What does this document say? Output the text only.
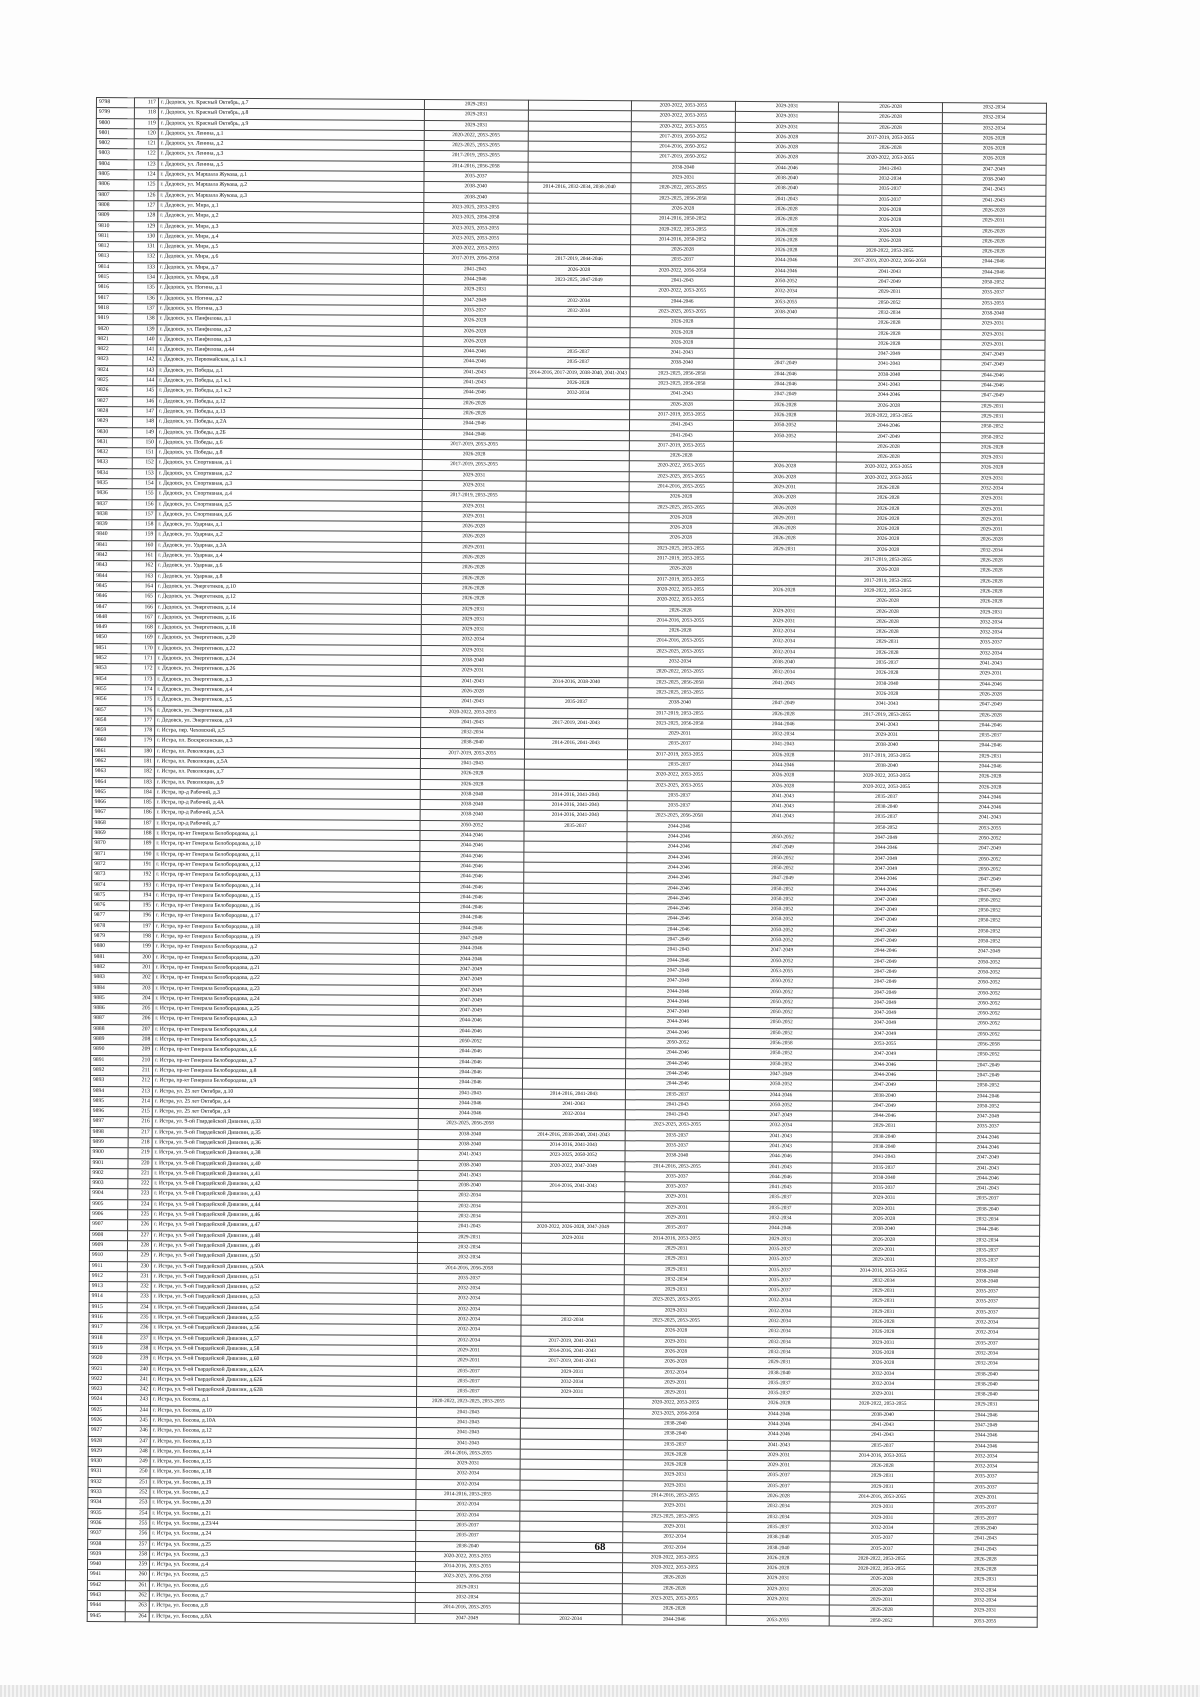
9798	117	г. Дедовск, ул. Красный Октябрь, д.7	2029-2031		2020-2022, 2053-2055	2029-2031	2026-2028	2032-2034
9799	118	г. Дедовск, ул. Красный Октябрь, д.8	2029-2031		2020-2022, 2053-2055	2029-2031	2026-2028	2032-2034
9800	119	г. Дедовск, ул. Красный Октябрь, д.9	2029-2031		2020-2022, 2053-2055	2029-2031	2026-2028	2032-2034
9801	120	г. Дедовск, ул. Ленина, д.1	2020-2022, 2053-2055		2017-2019, 2050-2052	2026-2028	2017-2019, 2053-2055	2026-2028
9802	121	г. Дедовск, ул. Ленина, д.2	2023-2025, 2053-2055		2014-2016, 2050-2052	2026-2028	2026-2028	2026-2028
9803	122	г. Дедовск, ул. Ленина, д.3	2017-2019, 2053-2055		2017-2019, 2050-2052	2026-2028	2020-2022, 2053-2055	2026-2028
9804	123	г. Дедовск, ул. Ленина, д.5	2014-2016, 2056-2058		2038-2040	2044-2046	2041-2043	2047-2049
9805	124	г. Дедовск, ул. Маршала Жукова, д.1	2035-2037		2029-2031	2038-2040	2032-2034	2038-2040
9806	125	г. Дедовск, ул. Маршала Жукова, д.2	2038-2040	2014-2016, 2032-2034, 2038-2040	2020-2022, 2053-2055	2038-2040	2035-2037	2041-2043
9807	126	г. Дедовск, ул. Маршала Жукова, д.3	2038-2040		2023-2025, 2056-2058	2041-2043	2035-2037	2041-2043
9808	127	г. Дедовск, ул. Мира, д.1	2023-2025, 2053-2055		2026-2028	2026-2028	2026-2028	2026-2028
9809	128	г. Дедовск, ул. Мира, д.2	2023-2025, 2056-2058		2014-2016, 2050-2052	2026-2028	2026-2028	2029-2031
9810	129	г. Дедовск, ул. Мира, д.3	2023-2025, 2053-2055		2020-2022, 2053-2055	2026-2028	2026-2028	2026-2028
9811	130	г. Дедовск, ул. Мира, д.4	2023-2025, 2053-2055		2014-2016, 2050-2052	2026-2028	2026-2028	2026-2028
9812	131	г. Дедовск, ул. Мира, д.5	2020-2022, 2053-2055		2026-2028	2026-2028	2020-2022, 2053-2055	2026-2028
9813	132	г. Дедовск, ул. Мира, д.6	2017-2019, 2056-2058	2017-2019, 2044-2046	2035-2037	2044-2046	2017-2019, 2020-2022, 2056-2058	2044-2046
9814	133	г. Дедовск, ул. Мира, д.7	2041-2043	2026-2028	2020-2022, 2056-2058	2044-2046	2041-2043	2044-2046
9815	134	г. Дедовск, ул. Мира, д.8	2044-2046	2023-2025, 2047-2049	2041-2043	2050-2052	2047-2049	2050-2052
9816	135	г. Дедовск, ул. Ногина, д.1	2029-2031		2020-2022, 2053-2055	2032-2034	2029-2031	2035-2037
9817	136	г. Дедовск, ул. Ногина, д.2	2047-2049	2032-2034	2044-2046	2053-2055	2050-2052	2053-2055
9818	137	г. Дедовск, ул. Ногина, д.3	2035-2037	2032-2034	2023-2025, 2053-2055	2038-2040	2032-2034	2038-2040
9819	138	г. Дедовск, ул. Панфилова, д.1	2026-2028		2026-2028		2026-2028	2029-2031
9820	139	г. Дедовск, ул. Панфилова, д.2	2026-2028		2026-2028		2026-2028	2029-2031
9821	140	г. Дедовск, ул. Панфилова, д.3	2026-2028		2026-2028		2026-2028	2029-2031
9822	141	г. Дедовск, ул. Панфилова, д.44	2044-2046	2035-2037	2041-2043		2047-2049	2047-2049
9823	142	г. Дедовск, ул. Первомайская, д.1 к.1	2044-2046	2035-2037	2038-2040	2047-2049	2041-2043	2047-2049
9824	143	г. Дедовск, ул. Победы, д.1	2041-2043	2014-2016, 2017-2019, 2038-2040, 2041-2043	2023-2025, 2056-2058	2044-2046	2038-2040	2044-2046
9825	144	г. Дедовск, ул. Победы, д.1 к.1	2041-2043	2026-2028	2023-2025, 2056-2058	2044-2046	2041-2043	2044-2046
9826	145	г. Дедовск, ул. Победы, д.1 к.2	2044-2046	2032-2034	2041-2043	2047-2049	2044-2046	2047-2049
9827	146	г. Дедовск, ул. Победы, д.12	2026-2028		2026-2028	2026-2028	2026-2028	2029-2031
9828	147	г. Дедовск, ул. Победы, д.13	2026-2028		2017-2019, 2053-2055	2026-2028	2020-2022, 2053-2055	2029-2031
9829	148	г. Дедовск, ул. Победы, д.2А	2044-2046		2041-2043	2050-2052	2044-2046	2050-2052
9830	149	г. Дедовск, ул. Победы, д.2Б	2044-2046		2041-2043	2050-2052	2047-2049	2050-2052
9831	150	г. Дедовск, ул. Победы, д.6	2017-2019, 2053-2055		2017-2019, 2053-2055		2026-2028	2026-2028
9832	151	г. Дедовск, ул. Победы, д.8	2026-2028		2026-2028		2026-2028	2029-2031
9833	152	г. Дедовск, ул. Спортивная, д.1	2017-2019, 2053-2055		2020-2022, 2053-2055	2026-2028	2020-2022, 2053-2055	2026-2028
9834	153	г. Дедовск, ул. Спортивная, д.2	2029-2031		2023-2025, 2053-2055	2026-2028	2020-2022, 2053-2055	2029-2031
9835	154	г. Дедовск, ул. Спортивная, д.3	2029-2031		2014-2016, 2053-2055	2029-2031	2026-2028	2032-2034
9836	155	г. Дедовск, ул. Спортивная, д.4	2017-2019, 2053-2055		2026-2028	2026-2028	2026-2028	2029-2031
9837	156	г. Дедовск, ул. Спортивная, д.5	2029-2031		2023-2025, 2053-2055	2026-2028	2026-2028	2029-2031
9838	157	г. Дедовск, ул. Спортивная, д.6	2029-2031		2026-2028	2029-2031	2026-2028	2029-2031
9839	158	г. Дедовск, ул. Ударная, д.1	2026-2028		2026-2028	2026-2028	2026-2028	2029-2031
9840	159	г. Дедовск, ул. Ударная, д.2	2026-2028		2026-2028	2026-2028	2026-2028	2026-2028
9841	160	г. Дедовск, ул. Ударная, д.3А	2029-2031		2023-2025, 2053-2055	2029-2031	2026-2028	2032-2034
9842	161	г. Дедовск, ул. Ударная, д.4	2026-2028		2017-2019, 2053-2055		2017-2019, 2053-2055	2026-2028
9843	162	г. Дедовск, ул. Ударная, д.6	2026-2028		2026-2028		2026-2028	2026-2028
9844	163	г. Дедовск, ул. Ударная, д.8	2026-2028		2017-2019, 2053-2055		2017-2019, 2053-2055	2026-2028
9845	164	г. Дедовск, ул. Энергетиков, д.10	2026-2028		2020-2022, 2053-2055	2026-2028	2020-2022, 2053-2055	2026-2028
9846	165	г. Дедовск, ул. Энергетиков, д.12	2026-2028		2020-2022, 2053-2055		2026-2028	2026-2028
9847	166	г. Дедовск, ул. Энергетиков, д.14	2029-2031		2026-2028	2029-2031	2026-2028	2029-2031
9848	167	г. Дедовск, ул. Энергетиков, д.16	2029-2031		2014-2016, 2053-2055	2029-2031	2026-2028	2032-2034
9849	168	г. Дедовск, ул. Энергетиков, д.18	2029-2031		2026-2028	2032-2034	2026-2028	2032-2034
9850	169	г. Дедовск, ул. Энергетиков, д.20	2032-2034		2014-2016, 2053-2055	2032-2034	2029-2031	2035-2037
9851	170	г. Дедовск, ул. Энергетиков, д.22	2029-2031		2023-2025, 2053-2055	2032-2034	2026-2028	2032-2034
9852	171	г. Дедовск, ул. Энергетиков, д.24	2038-2040		2032-2034	2038-2040	2035-2037	2041-2043
9853	172	г. Дедовск, ул. Энергетиков, д.26	2029-2031		2020-2022, 2053-2055	2032-2034	2026-2028	2029-2031
9854	173	г. Дедовск, ул. Энергетиков, д.3	2041-2043	2014-2016, 2038-2040	2023-2025, 2056-2058	2041-2043	2038-2040	2044-2046
9855	174	г. Дедовск, ул. Энергетиков, д.4	2026-2028		2023-2025, 2053-2055		2026-2028	2026-2028
9856	175	г. Дедовск, ул. Энергетиков, д.5	2041-2043	2035-2037	2038-2040	2047-2049	2041-2043	2047-2049
9857	176	г. Дедовск, ул. Энергетиков, д.8	2020-2022, 2053-2055		2017-2019, 2053-2055	2026-2028	2017-2019, 2053-2055	2026-2028
9858	177	г. Дедовск, ул. Энергетиков, д.9	2041-2043	2017-2019, 2041-2043	2023-2025, 2056-2058	2044-2046	2041-2043	2044-2046
9859	178	г. Истра, пер. Чеховский, д.5	2032-2034		2029-2031	2032-2034	2029-2031	2035-2037
9860	179	г. Истра, пл. Воскресенская, д.3	2038-2040	2014-2016, 2041-2043	2035-2037	2041-2043	2038-2040	2044-2046
9861	180	г. Истра, пл. Революции, д.3	2017-2019, 2053-2055		2017-2019, 2053-2055	2026-2028	2017-2019, 2053-2055	2029-2031
9862	181	г. Истра, пл. Революции, д.5А	2041-2043		2035-2037	2044-2046	2038-2040	2044-2046
9863	182	г. Истра, пл. Революции, д.7	2026-2028		2020-2022, 2053-2055	2026-2028	2020-2022, 2053-2055	2026-2028
9864	183	г. Истра, пл. Революции, д.9	2026-2028		2023-2025, 2053-2055	2026-2028	2020-2022, 2053-2055	2026-2028
9865	184	г. Истра, пр-д Рабочий, д.3	2038-2040	2014-2016, 2041-2043	2035-2037	2041-2043	2035-2037	2044-2046
9866	185	г. Истра, пр-д Рабочий, д.4А	2038-2040	2014-2016, 2041-2043	2035-2037	2041-2043	2038-2040	2044-2046
9867	186	г. Истра, пр-д Рабочий, д.5А	2038-2040	2014-2016, 2041-2043	2023-2025, 2056-2058	2041-2043	2035-2037	2041-2043
9868	187	г. Истра, пр-д Рабочий, д.7	2050-2052	2035-2037	2044-2046		2050-2052	2053-2055
9869	188	г. Истра, пр-кт Генерала Белобородова, д.1	2044-2046		2044-2046	2050-2052	2047-2049	2050-2052
9870	189	г. Истра, пр-кт Генерала Белобородова, д.10	2044-2046		2044-2046	2047-2049	2044-2046	2047-2049
9871	190	г. Истра, пр-кт Генерала Белобородова, д.11	2044-2046		2044-2046	2050-2052	2047-2049	2050-2052
9872	191	г. Истра, пр-кт Генерала Белобородова, д.12	2044-2046		2044-2046	2050-2052	2047-2049	2050-2052
9873	192	г. Истра, пр-кт Генерала Белобородова, д.13	2044-2046		2044-2046	2047-2049	2044-2046	2047-2049
9874	193	г. Истра, пр-кт Генерала Белобородова, д.14	2044-2046		2044-2046	2050-2052	2044-2046	2047-2049
9875	194	г. Истра, пр-кт Генерала Белобородова, д.15	2044-2046		2044-2046	2050-2052	2047-2049	2050-2052
9876	195	г. Истра, пр-кт Генерала Белобородова, д.16	2044-2046		2044-2046	2050-2052	2047-2049	2050-2052
9877	196	г. Истра, пр-кт Генерала Белобородова, д.17	2044-2046		2044-2046	2050-2052	2047-2049	2050-2052
9878	197	г. Истра, пр-кт Генерала Белобородова, д.18	2044-2046		2044-2046	2050-2052	2047-2049	2050-2052
9879	198	г. Истра, пр-кт Генерала Белобородова, д.19	2047-2049		2047-2049	2050-2052	2047-2049	2050-2052
9880	199	г. Истра, пр-кт Генерала Белобородова, д.2	2044-2046		2041-2043	2047-2049	2044-2046	2047-2049
9881	200	г. Истра, пр-кт Генерала Белобородова, д.20	2044-2046		2044-2046	2050-2052	2047-2049	2050-2052
9882	201	г. Истра, пр-кт Генерала Белобородова, д.21	2047-2049		2047-2049	2053-2055	2047-2049	2050-2052
9883	202	г. Истра, пр-кт Генерала Белобородова, д.22	2047-2049		2047-2049	2050-2052	2047-2049	2050-2052
9884	203	г. Истра, пр-кт Генерала Белобородова, д.23	2047-2049		2044-2046	2050-2052	2047-2049	2050-2052
9885	204	г. Истра, пр-кт Генерала Белобородова, д.24	2047-2049		2044-2046	2050-2052	2047-2049	2050-2052
9886	205	г. Истра, пр-кт Генерала Белобородова, д.25	2047-2049		2047-2049	2050-2052	2047-2049	2050-2052
9887	206	г. Истра, пр-кт Генерала Белобородова, д.3	2044-2046		2044-2046	2050-2052	2047-2049	2050-2052
9888	207	г. Истра, пр-кт Генерала Белобородова, д.4	2044-2046		2044-2046	2050-2052	2047-2049	2050-2052
9889	208	г. Истра, пр-кт Генерала Белобородова, д.5	2050-2052		2050-2052	2056-2058	2053-2055	2056-2058
9890	209	г. Истра, пр-кт Генерала Белобородова, д.6	2044-2046		2044-2046	2050-2052	2047-2049	2050-2052
9891	210	г. Истра, пр-кт Генерала Белобородова, д.7	2044-2046		2044-2046	2050-2052	2044-2046	2047-2049
9892	211	г. Истра, пр-кт Генерала Белобородова, д.8	2044-2046		2044-2046	2047-2049	2044-2046	2047-2049
9893	212	г. Истра, пр-кт Генерала Белобородова, д.9	2044-2046		2044-2046	2050-2052	2047-2049	2050-2052
9894	213	г. Истра, ул. 25 лет Октября, д.10	2041-2043	2014-2016, 2041-2043	2035-2037	2044-2046	2038-2040	2044-2046
9895	214	г. Истра, ул. 25 лет Октября, д.4	2044-2046	2041-2043	2041-2043	2050-2052	2047-2049	2050-2052
9896	215	г. Истра, ул. 25 лет Октября, д.9	2044-2046	2032-2034	2041-2043	2047-2049	2044-2046	2047-2049
9897	216	г. Истра, ул. 9-ой Гвардейской Дивизии, д.33	2023-2025, 2056-2058		2023-2025, 2053-2055	2032-2034	2029-2031	2035-2037
9898	217	г. Истра, ул. 9-ой Гвардейской Дивизии, д.35	2038-2040	2014-2016, 2038-2040, 2041-2043	2035-2037	2041-2043	2038-2040	2044-2046
9899	218	г. Истра, ул. 9-ой Гвардейской Дивизии, д.36	2038-2040	2014-2016, 2041-2043	2035-2037	2041-2043	2038-2040	2044-2046
9900	219	г. Истра, ул. 9-ой Гвардейской Дивизии, д.38	2041-2043	2023-2025, 2050-2052	2038-2040	2044-2046	2041-2043	2047-2049
9901	220	г. Истра, ул. 9-ой Гвардейской Дивизии, д.40	2038-2040	2020-2022, 2047-2049	2014-2016, 2053-2055	2041-2043	2035-2037	2041-2043
9902	221	г. Истра, ул. 9-ой Гвардейской Дивизии, д.41	2041-2043		2035-2037	2044-2046	2038-2040	2044-2046
9903	222	г. Истра, ул. 9-ой Гвардейской Дивизии, д.42	2038-2040	2014-2016, 2041-2043	2035-2037	2041-2043	2035-2037	2041-2043
9904	223	г. Истра, ул. 9-ой Гвардейской Дивизии, д.43	2032-2034		2029-2031	2035-2037	2029-2031	2035-2037
9905	224	г. Истра, ул. 9-ой Гвардейской Дивизии, д.44	2032-2034		2029-2031	2035-2037	2029-2031	2038-2040
9906	225	г. Истра, ул. 9-ой Гвардейской Дивизии, д.46	2032-2034		2029-2031	2032-2034	2026-2028	2032-2034
9907	226	г. Истра, ул. 9-ой Гвардейской Дивизии, д.47	2041-2043	2020-2022, 2026-2028, 2047-2049	2035-2037	2044-2046	2038-2040	2044-2046
9908	227	г. Истра, ул. 9-ой Гвардейской Дивизии, д.48	2029-2031	2029-2031	2014-2016, 2053-2055	2029-2031	2026-2028	2032-2034
9909	228	г. Истра, ул. 9-ой Гвардейской Дивизии, д.49	2032-2034		2029-2031	2035-2037	2029-2031	2035-2037
9910	229	г. Истра, ул. 9-ой Гвардейской Дивизии, д.50	2032-2034		2029-2031	2035-2037	2029-2031	2035-2037
9911	230	г. Истра, ул. 9-ой Гвардейской Дивизии, д.50А	2014-2016, 2056-2058		2029-2031	2035-2037	2014-2016, 2053-2055	2038-2040
9912	231	г. Истра, ул. 9-ой Гвардейской Дивизии, д.51	2035-2037		2032-2034	2035-2037	2032-2034	2038-2040
9913	232	г. Истра, ул. 9-ой Гвардейской Дивизии, д.52	2032-2034		2029-2031	2035-2037	2029-2031	2035-2037
9914	233	г. Истра, ул. 9-ой Гвардейской Дивизии, д.53	2032-2034		2023-2025, 2053-2055	2032-2034	2029-2031	2035-2037
9915	234	г. Истра, ул. 9-ой Гвардейской Дивизии, д.54	2032-2034		2029-2031	2032-2034	2029-2031	2035-2037
9916	235	г. Истра, ул. 9-ой Гвардейской Дивизии, д.55	2032-2034	2032-2034	2023-2025, 2053-2055	2032-2034	2026-2028	2032-2034
9917	236	г. Истра, ул. 9-ой Гвардейской Дивизии, д.56	2032-2034		2026-2028	2032-2034	2026-2028	2032-2034
9918	237	г. Истра, ул. 9-ой Гвардейской Дивизии, д.57	2032-2034	2017-2019, 2041-2043	2029-2031	2032-2034	2029-2031	2035-2037
9919	238	г. Истра, ул. 9-ой Гвардейской Дивизии, д.58	2029-2031	2014-2016, 2041-2043	2026-2028	2032-2034	2026-2028	2032-2034
9920	239	г. Истра, ул. 9-ой Гвардейской Дивизии, д.60	2029-2031	2017-2019, 2041-2043	2026-2028	2029-2031	2026-2028	2032-2034
9921	240	г. Истра, ул. 9-ой Гвардейской Дивизии, д.62А	2035-2037	2029-2031	2032-2034	2038-2040	2032-2034	2038-2040
9922	241	г. Истра, ул. 9-ой Гвардейской Дивизии, д.62Б	2035-2037	2032-2034	2029-2031	2035-2037	2032-2034	2038-2040
9923	242	г. Истра, ул. 9-ой Гвардейской Дивизии, д.62В	2035-2037	2029-2031	2029-2031	2035-2037	2029-2031	2038-2040
9924	243	г. Истра, ул. Босова, д.1	2020-2022, 2023-2025, 2053-2055		2020-2022, 2053-2055	2026-2028	2020-2022, 2053-2055	2029-2031
9925	244	г. Истра, ул. Босова, д.10	2041-2043		2023-2025, 2056-2058	2044-2046	2038-2040	2044-2046
9926	245	г. Истра, ул. Босова, д.10А	2041-2043		2038-2040	2044-2046	2041-2043	2047-2049
9927	246	г. Истра, ул. Босова, д.12	2041-2043		2038-2040	2044-2046	2041-2043	2044-2046
9928	247	г. Истра, ул. Босова, д.13	2041-2043		2035-2037	2041-2043	2035-2037	2044-2046
9929	248	г. Истра, ул. Босова, д.14	2014-2016, 2053-2055		2026-2028	2029-2031	2014-2016, 2053-2055	2032-2034
9930	249	г. Истра, ул. Босова, д.15	2029-2031		2026-2028	2029-2031	2026-2028	2032-2034
9931	250	г. Истра, ул. Босова, д.18	2032-2034		2029-2031	2035-2037	2029-2031	2035-2037
9932	251	г. Истра, ул. Босова, д.19	2032-2034		2029-2031	2035-2037	2029-2031	2035-2037
9933	252	г. Истра, ул. Босова, д.2	2014-2016, 2053-2055		2014-2016, 2053-2055	2026-2028	2014-2016, 2053-2055	2029-2031
9934	253	г. Истра, ул. Босова, д.20	2032-2034		2029-2031	2032-2034	2029-2031	2035-2037
9935	254	г. Истра, ул. Босова, д.21	2032-2034		2023-2025, 2053-2055	2032-2034	2029-2031	2035-2037
9936	255	г. Истра, ул. Босова, д.23/44	2035-2037		2029-2031	2035-2037	2032-2034	2038-2040
9937	256	г. Истра, ул. Босова, д.24	2035-2037		2032-2034	2038-2040	2035-2037	2041-2043
9938	257	г. Истра, ул. Босова, д.25	2038-2040		2032-2034	2038-2040	2035-2037	2041-2043
9939	258	г. Истра, ул. Босова, д.3	2020-2022, 2053-2055		2020-2022, 2053-2055	2026-2028	2020-2022, 2053-2055	2026-2028
9940	259	г. Истра, ул. Босова, д.4	2014-2016, 2053-2055		2020-2022, 2053-2055	2026-2028	2020-2022, 2053-2055	2026-2028
9941	260	г. Истра, ул. Босова, д.5	2023-2025, 2056-2058		2026-2028	2029-2031	2026-2028	2029-2031
9942	261	г. Истра, ул. Босова, д.6	2029-2031		2026-2028	2029-2031	2026-2028	2032-2034
9943	262	г. Истра, ул. Босова, д.7	2032-2034		2023-2025, 2053-2055	2029-2031	2029-2031	2032-2034
9944	263	г. Истра, ул. Босова, д.8	2014-2016, 2053-2055		2026-2028		2026-2028	2029-2031
9945	264	г. Истра, ул. Босова, д.8А	2047-2049	2032-2034	2044-2046	2053-2055	2050-2052	2053-2055
68
